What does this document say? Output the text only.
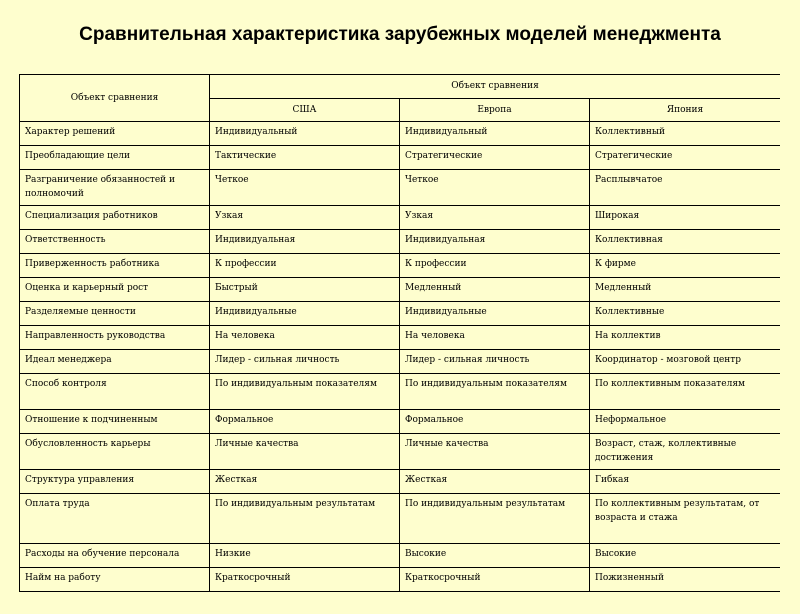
Сравнительная характеристика зарубежных моделей менеджмента
Объект сравнения	Объект сравнения		
	США	Европа	Япония
Характер решений	Индивидуальный	Индивидуальный	Коллективный
Преобладающие цели	Тактические	Стратегические	Стратегические
Разграничение обязанностей и полномочий	Четкое	Четкое	Расплывчатое
Специализация работников	Узкая	Узкая	Широкая
Ответственность	Индивидуальная	Индивидуальная	Коллективная
Приверженность работника	К профессии	К профессии	К фирме
Оценка и карьерный рост	Быстрый	Медленный	Медленный
Разделяемые ценности	Индивидуальные	Индивидуальные	Коллективные
Направленность руководства	На человека	На человека	На коллектив
Идеал менеджера	Лидер - сильная личность	Лидер - сильная личность	Координатор - мозговой центр
Способ контроля	По индивидуальным показателям	По индивидуальным показателям	По коллективным показателям
Отношение к подчиненным	Формальное	Формальное	Неформальное
Обусловленность карьеры	Личные качества	Личные качества	Возраст, стаж, коллективные достижения
Структура управления	Жесткая	Жесткая	Гибкая
Оплата труда	По индивидуальным результатам	По индивидуальным результатам	По коллективным результатам, от возраста и стажа
Расходы на обучение персонала	Низкие	Высокие	Высокие
Найм на работу	Краткосрочный	Краткосрочный	Пожизненный
